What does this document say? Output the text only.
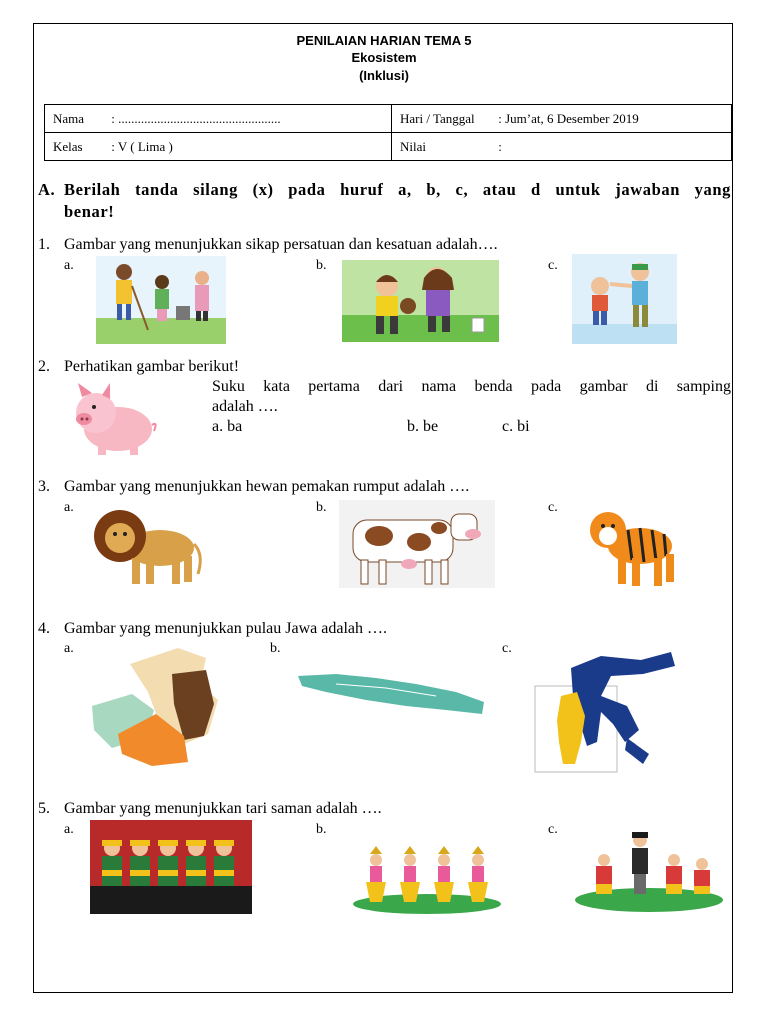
PENILAIAN HARIAN TEMA 5
Ekosistem
(Inklusi)
Nama : ..................................................	Hari / Tanggal : Jum’at, 6 Desember 2019
Kelas : V ( Lima )	Nilai :
A. Berilah tanda silang (x) pada huruf a, b, c, atau d untuk jawaban yang
benar!
1. Gambar yang menunjukkan sikap persatuan dan kesatuan adalah….
a.	b.	c.
2. Perhatikan gambar berikut!
Suku kata pertama dari nama benda pada gambar di samping
adalah ….
a. ba	b. be	c. bi
3. Gambar yang menunjukkan hewan pemakan rumput adalah ….
a.	b.	c.
4. Gambar yang menunjukkan pulau Jawa adalah ….
a.	b.	c.
5. Gambar yang menunjukkan tari saman adalah ….
a.	b.	c.
